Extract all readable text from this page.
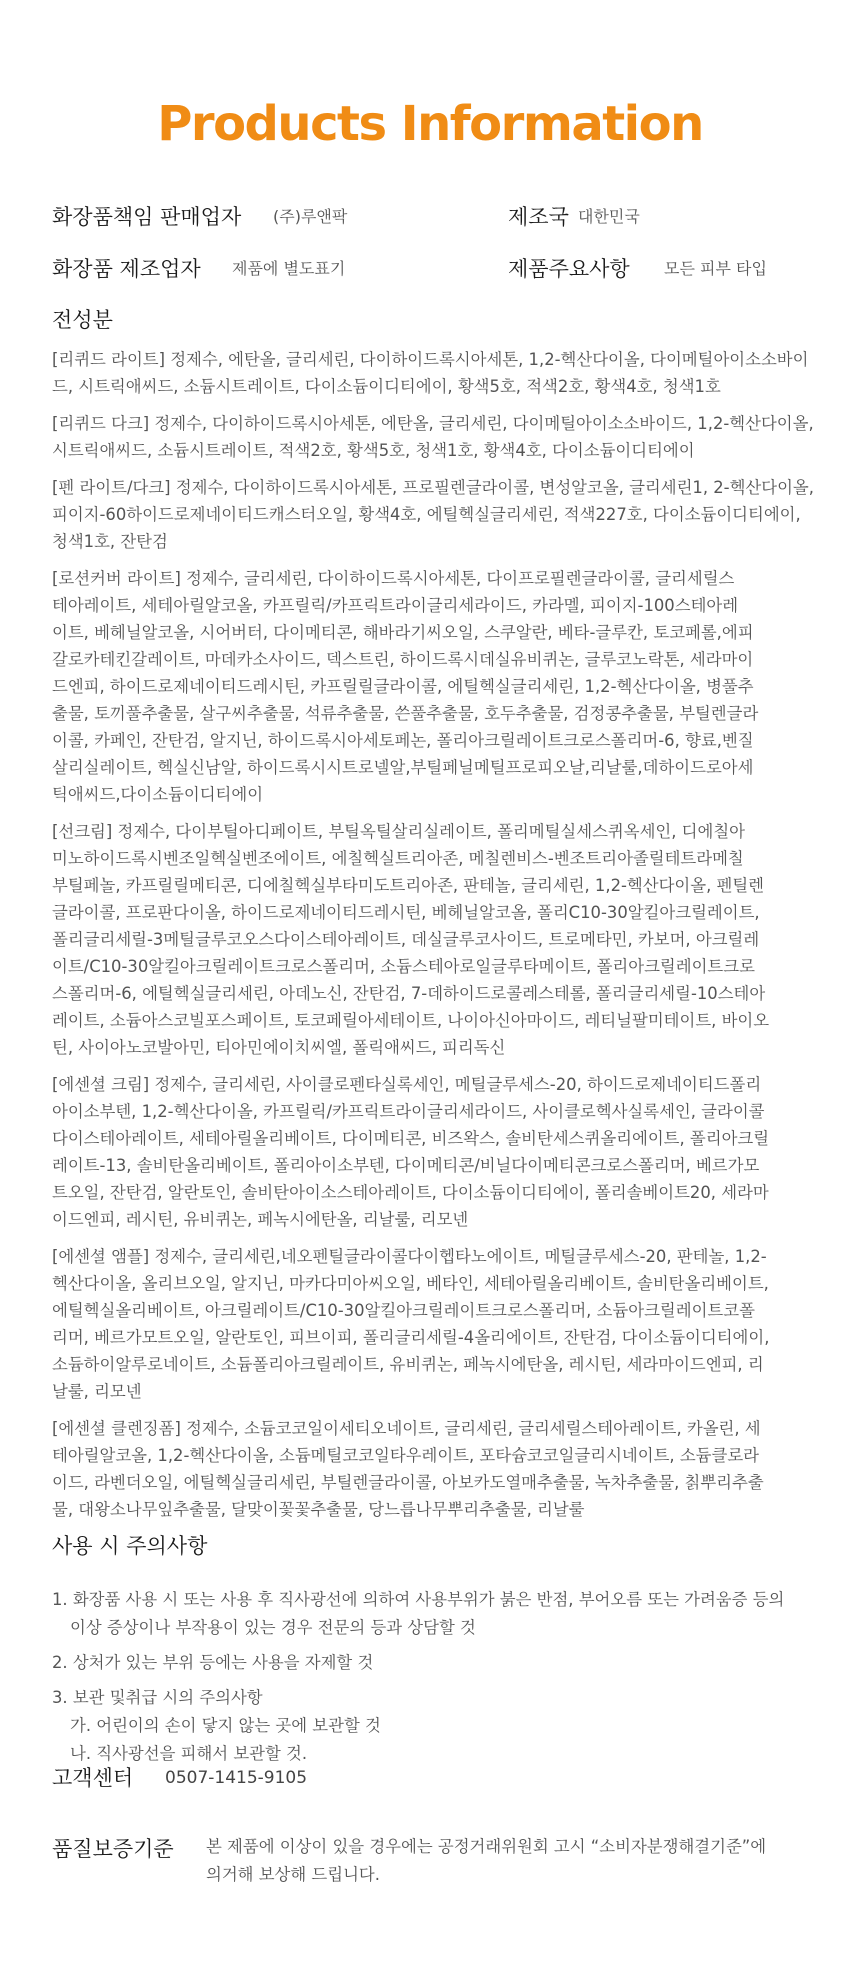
Products Information
화장품책임 판매업자 (주)루앤팍	제조국 대한민국
화장품 제조업자 제품에 별도표기	제품주요사항 모든 피부 타입
전성분
[리퀴드 라이트] 정제수, 에탄올, 글리세린, 다이하이드록시아세톤, 1,2-헥산다이올, 다이메틸아이소소바이
드, 시트릭애씨드, 소듐시트레이트, 다이소듐이디티에이, 황색5호, 적색2호, 황색4호, 청색1호
[리퀴드 다크] 정제수, 다이하이드록시아세톤, 에탄올, 글리세린, 다이메틸아이소소바이드, 1,2-헥산다이올,
시트릭애씨드, 소듐시트레이트, 적색2호, 황색5호, 청색1호, 황색4호, 다이소듐이디티에이
[펜 라이트/다크] 정제수, 다이하이드록시아세톤, 프로필렌글라이콜, 변성알코올, 글리세린1, 2-헥산다이올,
피이지-60하이드로제네이티드캐스터오일, 황색4호, 에틸헥실글리세린, 적색227호, 다이소듐이디티에이,
청색1호, 잔탄검
[로션커버 라이트] 정제수, 글리세린, 다이하이드록시아세톤, 다이프로필렌글라이콜, 글리세릴스
테아레이트, 세테아릴알코올, 카프릴릭/카프릭트라이글리세라이드, 카라멜, 피이지-100스테아레
이트, 베헤닐알코올, 시어버터, 다이메티콘, 해바라기씨오일, 스쿠알란, 베타-글루칸, 토코페롤,에피
갈로카테킨갈레이트, 마데카소사이드, 덱스트린, 하이드록시데실유비퀴논, 글루코노락톤, 세라마이
드엔피, 하이드로제네이티드레시틴, 카프릴릴글라이콜, 에틸헥실글리세린, 1,2-헥산다이올, 병풀추
출물, 토끼풀추출물, 살구씨추출물, 석류추출물, 쓴풀추출물, 호두추출물, 검정콩추출물, 부틸렌글라
이콜, 카페인, 잔탄검, 알지닌, 하이드록시아세토페논, 폴리아크릴레이트크로스폴리머-6, 향료,벤질
살리실레이트, 헥실신남알, 하이드록시시트로넬알,부틸페닐메틸프로피오날,리날룰,데하이드로아세
틱애씨드,다이소듐이디티에이
[선크림] 정제수, 다이부틸아디페이트, 부틸옥틸살리실레이트, 폴리메틸실세스퀴옥세인, 디에칠아
미노하이드록시벤조일헥실벤조에이트, 에칠헥실트리아존, 메칠렌비스-벤조트리아졸릴테트라메칠
부틸페놀, 카프릴릴메티콘, 디에칠헥실부타미도트리아존, 판테놀, 글리세린, 1,2-헥산다이올, 펜틸렌
글라이콜, 프로판다이올, 하이드로제네이티드레시틴, 베헤닐알코올, 폴리C10-30알킬아크릴레이트,
폴리글리세릴-3메틸글루코오스다이스테아레이트, 데실글루코사이드, 트로메타민, 카보머, 아크릴레
이트/C10-30알킬아크릴레이트크로스폴리머, 소듐스테아로일글루타메이트, 폴리아크릴레이트크로
스폴리머-6, 에틸헥실글리세린, 아데노신, 잔탄검, 7-데하이드로콜레스테롤, 폴리글리세릴-10스테아
레이트, 소듐아스코빌포스페이트, 토코페릴아세테이트, 나이아신아마이드, 레티닐팔미테이트, 바이오
틴, 사이아노코발아민, 티아민에이치씨엘, 폴릭애씨드, 피리독신
[에센셜 크림] 정제수, 글리세린, 사이클로펜타실록세인, 메틸글루세스-20, 하이드로제네이티드폴리
아이소부텐, 1,2-헥산다이올, 카프릴릭/카프릭트라이글리세라이드, 사이클로헥사실록세인, 글라이콜
다이스테아레이트, 세테아릴올리베이트, 다이메티콘, 비즈왁스, 솔비탄세스퀴올리에이트, 폴리아크릴
레이트-13, 솔비탄올리베이트, 폴리아이소부텐, 다이메티콘/비닐다이메티콘크로스폴리머, 베르가모
트오일, 잔탄검, 알란토인, 솔비탄아이소스테아레이트, 다이소듐이디티에이, 폴리솔베이트20, 세라마
이드엔피, 레시틴, 유비퀴논, 페녹시에탄올, 리날룰, 리모넨
[에센셜 앰플] 정제수, 글리세린,네오펜틸글라이콜다이헵타노에이트, 메틸글루세스-20, 판테놀, 1,2-
헥산다이올, 올리브오일, 알지닌, 마카다미아씨오일, 베타인, 세테아릴올리베이트, 솔비탄올리베이트,
에틸헥실올리베이트, 아크릴레이트/C10-30알킬아크릴레이트크로스폴리머, 소듐아크릴레이트코폴
리머, 베르가모트오일, 알란토인, 피브이피, 폴리글리세릴-4올리에이트, 잔탄검, 다이소듐이디티에이,
소듐하이알루로네이트, 소듐폴리아크릴레이트, 유비퀴논, 페녹시에탄올, 레시틴, 세라마이드엔피, 리
날룰, 리모넨
[에센셜 클렌징폼] 정제수, 소듐코코일이세티오네이트, 글리세린, 글리세릴스테아레이트, 카올린, 세
테아릴알코올, 1,2-헥산다이올, 소듐메틸코코일타우레이트, 포타슘코코일글리시네이트, 소듐클로라
이드, 라벤더오일, 에틸헥실글리세린, 부틸렌글라이콜, 아보카도열매추출물, 녹차추출물, 칡뿌리추출
물, 대왕소나무잎추출물, 달맞이꽃꽃추출물, 당느릅나무뿌리추출물, 리날룰
사용 시 주의사항
1. 화장품 사용 시 또는 사용 후 직사광선에 의하여 사용부위가 붉은 반점, 부어오름 또는 가려움증 등의
이상 증상이나 부작용이 있는 경우 전문의 등과 상담할 것
2. 상처가 있는 부위 등에는 사용을 자제할 것
3. 보관 및취급 시의 주의사항
가. 어린이의 손이 닿지 않는 곳에 보관할 것
나. 직사광선을 피해서 보관할 것.
고객센터 0507-1415-9105
품질보증기준 본 제품에 이상이 있을 경우에는 공정거래위원회 고시 “소비자분쟁해결기준”에
의거해 보상해 드립니다.
